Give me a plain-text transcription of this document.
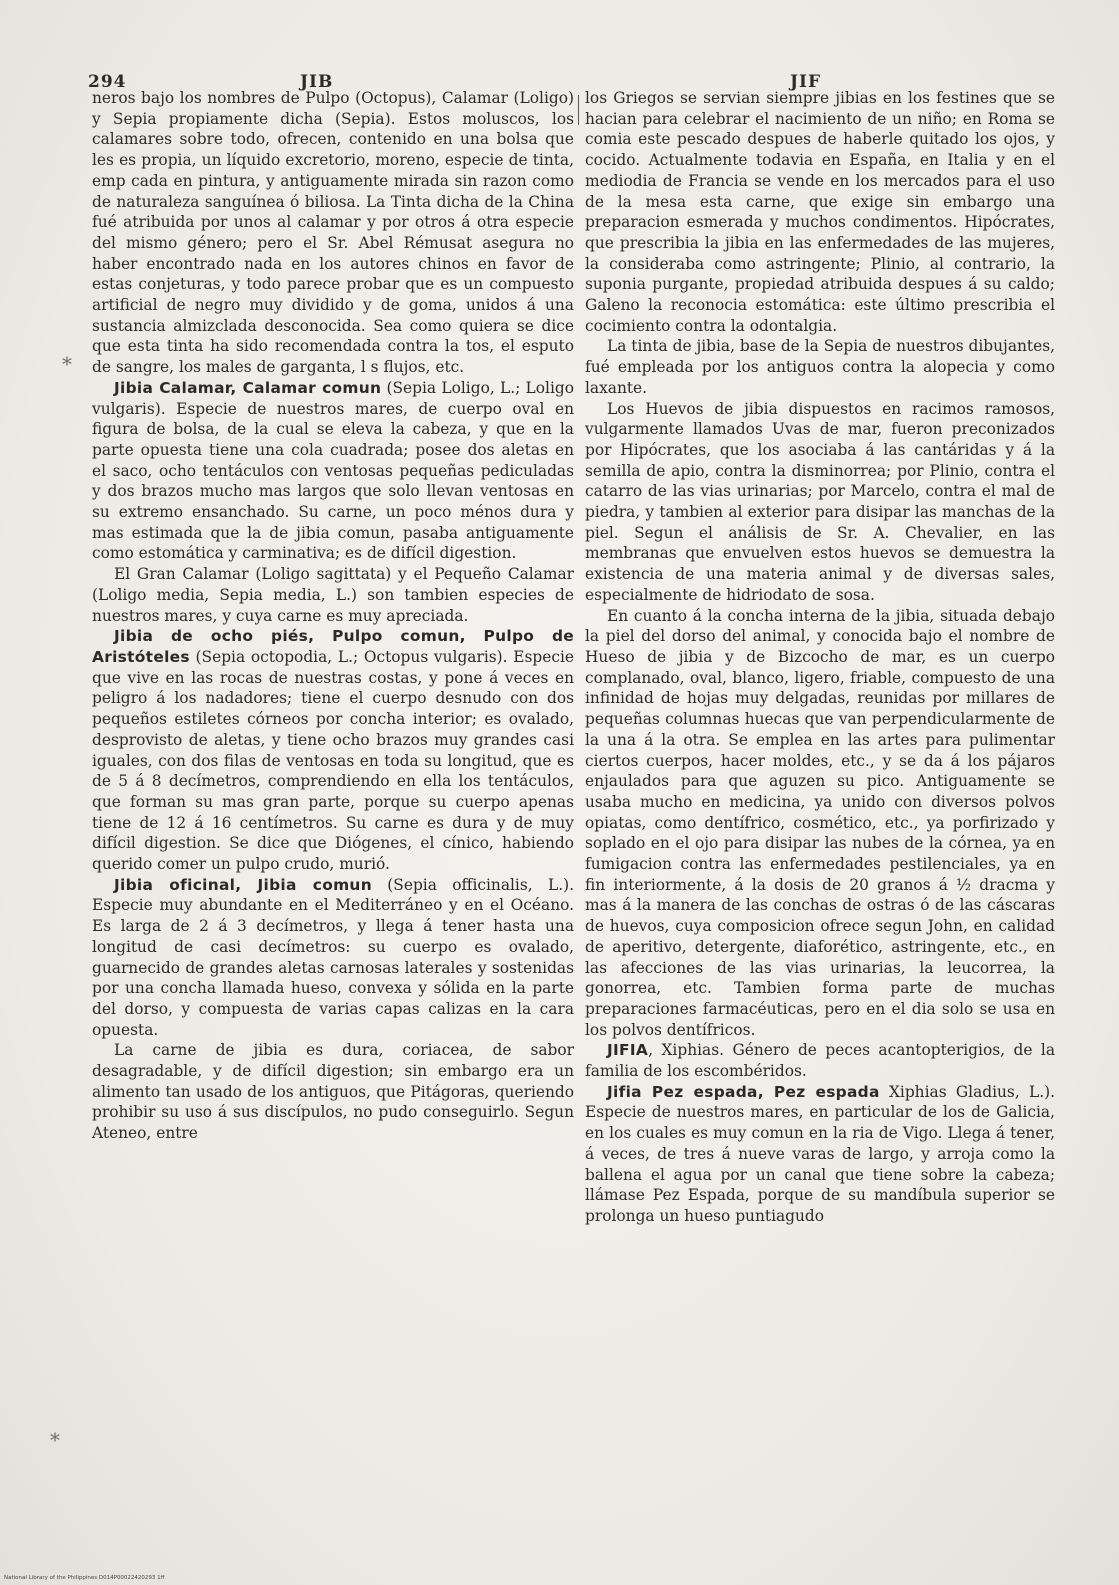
294	JIB	JIF
*
*

neros bajo los nombres de Pulpo (Octopus), Calamar (Loligo) y Sepia propiamente dicha (Sepia). Estos moluscos, los calamares sobre todo, ofrecen, contenido en una bolsa que les es propia, un líquido excretorio, moreno, especie de tinta, emp cada en pintura, y antiguamente mirada sin razon como de naturaleza sanguínea ó biliosa. La Tinta dicha de la China fué atribuida por unos al calamar y por otros á otra especie del mismo género; pero el Sr. Abel Rémusat asegura no haber encontrado nada en los autores chinos en favor de estas conjeturas, y todo parece probar que es un compuesto artificial de negro muy dividido y de goma, unidos á una sustancia almizclada desconocida. Sea como quiera se dice que esta tinta ha sido recomendada contra la tos, el esputo de sangre, los males de garganta, l s flujos, etc.

Jibia Calamar, Calamar comun (Sepia Loligo, L.; Loligo vulgaris). Especie de nuestros mares, de cuerpo oval en figura de bolsa, de la cual se eleva la cabeza, y que en la parte opuesta tiene una cola cuadrada; posee dos aletas en el saco, ocho tentáculos con ventosas pequeñas pediculadas y dos brazos mucho mas largos que solo llevan ventosas en su extremo ensanchado. Su carne, un poco ménos dura y mas estimada que la de jibia comun, pasaba antiguamente como estomática y carminativa; es de difícil digestion.

El Gran Calamar (Loligo sagittata) y el Pequeño Calamar (Loligo media, Sepia media, L.) son tambien especies de nuestros mares, y cuya carne es muy apreciada.

Jibia de ocho piés, Pulpo comun, Pulpo de Aristóteles (Sepia octopodia, L.; Octopus vulgaris). Especie que vive en las rocas de nuestras costas, y pone á veces en peligro á los nadadores; tiene el cuerpo desnudo con dos pequeños estiletes córneos por concha interior; es ovalado, desprovisto de aletas, y tiene ocho brazos muy grandes casi iguales, con dos filas de ventosas en toda su longitud, que es de 5 á 8 decímetros, comprendiendo en ella los tentáculos, que forman su mas gran parte, porque su cuerpo apenas tiene de 12 á 16 centímetros. Su carne es dura y de muy difícil digestion. Se dice que Diógenes, el cínico, habiendo querido comer un pulpo crudo, murió.

Jibia oficinal, Jibia comun (Sepia officinalis, L.). Especie muy abundante en el Mediterráneo y en el Océano. Es larga de 2 á 3 decímetros, y llega á tener hasta una longitud de casi decímetros: su cuerpo es ovalado, guarnecido de grandes aletas carnosas laterales y sostenidas por una concha llamada hueso, convexa y sólida en la parte del dorso, y compuesta de varias capas calizas en la cara opuesta.

La carne de jibia es dura, coriacea, de sabor desagradable, y de difícil digestion; sin embargo era un alimento tan usado de los antiguos, que Pitágoras, queriendo prohibir su uso á sus discípulos, no pudo conseguirlo. Segun Ateneo, entre

los Griegos se servian siempre jibias en los festines que se hacian para celebrar el nacimiento de un niño; en Roma se comia este pescado despues de haberle quitado los ojos, y cocido. Actualmente todavia en España, en Italia y en el mediodia de Francia se vende en los mercados para el uso de la mesa esta carne, que exige sin embargo una preparacion esmerada y muchos condimentos. Hipócrates, que prescribia la jibia en las enfermedades de las mujeres, la consideraba como astringente; Plinio, al contrario, la suponia purgante, propiedad atribuida despues á su caldo; Galeno la reconocia estomática: este último prescribia el cocimiento contra la odontalgia.

La tinta de jibia, base de la Sepia de nuestros dibujantes, fué empleada por los antiguos contra la alopecia y como laxante.

Los Huevos de jibia dispuestos en racimos ramosos, vulgarmente llamados Uvas de mar, fueron preconizados por Hipócrates, que los asociaba á las cantáridas y á la semilla de apio, contra la disminorrea; por Plinio, contra el catarro de las vias urinarias; por Marcelo, contra el mal de piedra, y tambien al exterior para disipar las manchas de la piel. Segun el análisis de Sr. A. Chevalier, en las membranas que envuelven estos huevos se demuestra la existencia de una materia animal y de diversas sales, especialmente de hidriodato de sosa.

En cuanto á la concha interna de la jibia, situada debajo la piel del dorso del animal, y conocida bajo el nombre de Hueso de jibia y de Bizcocho de mar, es un cuerpo complanado, oval, blanco, ligero, friable, compuesto de una infinidad de hojas muy delgadas, reunidas por millares de pequeñas columnas huecas que van perpendicularmente de la una á la otra. Se emplea en las artes para pulimentar ciertos cuerpos, hacer moldes, etc., y se da á los pájaros enjaulados para que aguzen su pico. Antiguamente se usaba mucho en medicina, ya unido con diversos polvos opiatas, como dentífrico, cosmético, etc., ya porfirizado y soplado en el ojo para disipar las nubes de la córnea, ya en fumigacion contra las enfermedades pestilenciales, ya en fin interiormente, á la dosis de 20 granos á ½ dracma y mas á la manera de las conchas de ostras ó de las cáscaras de huevos, cuya composicion ofrece segun John, en calidad de aperitivo, detergente, diaforético, astringente, etc., en las afecciones de las vias urinarias, la leucorrea, la gonorrea, etc. Tambien forma parte de muchas preparaciones farmacéuticas, pero en el dia solo se usa en los polvos dentífricos.

JIFIA, Xiphias. Género de peces acantopterigios, de la familia de los escombéridos.

Jifia Pez espada, Pez espada Xiphias Gladius, L.). Especie de nuestros mares, en particular de los de Galicia, en los cuales es muy comun en la ria de Vigo. Llega á tener, á veces, de tres á nueve varas de largo, y arroja como la ballena el agua por un canal que tiene sobre la cabeza; llámase Pez Espada, porque de su mandíbula superior se prolonga un hueso puntiagudo

National Library of the Philippines D014P00022420293 1ff
